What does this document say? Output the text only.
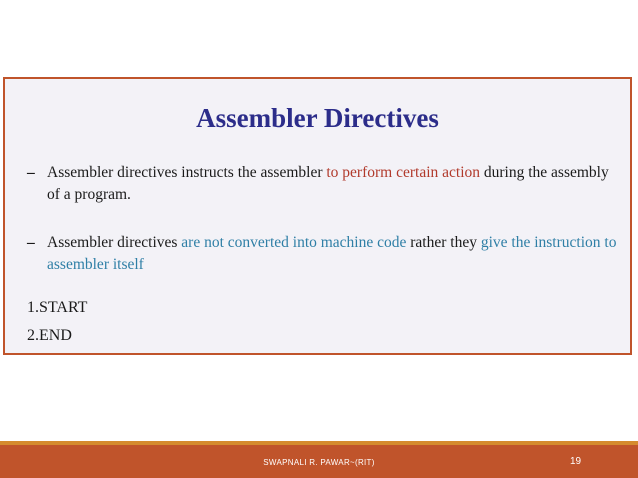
Assembler Directives
– Assembler directives instructs the assembler to perform certain action during the assembly of a program.
– Assembler directives are not converted into machine code rather they give the instruction to assembler itself
1.START
2.END
SWAPNALI R. PAWAR~(RIT)	19
